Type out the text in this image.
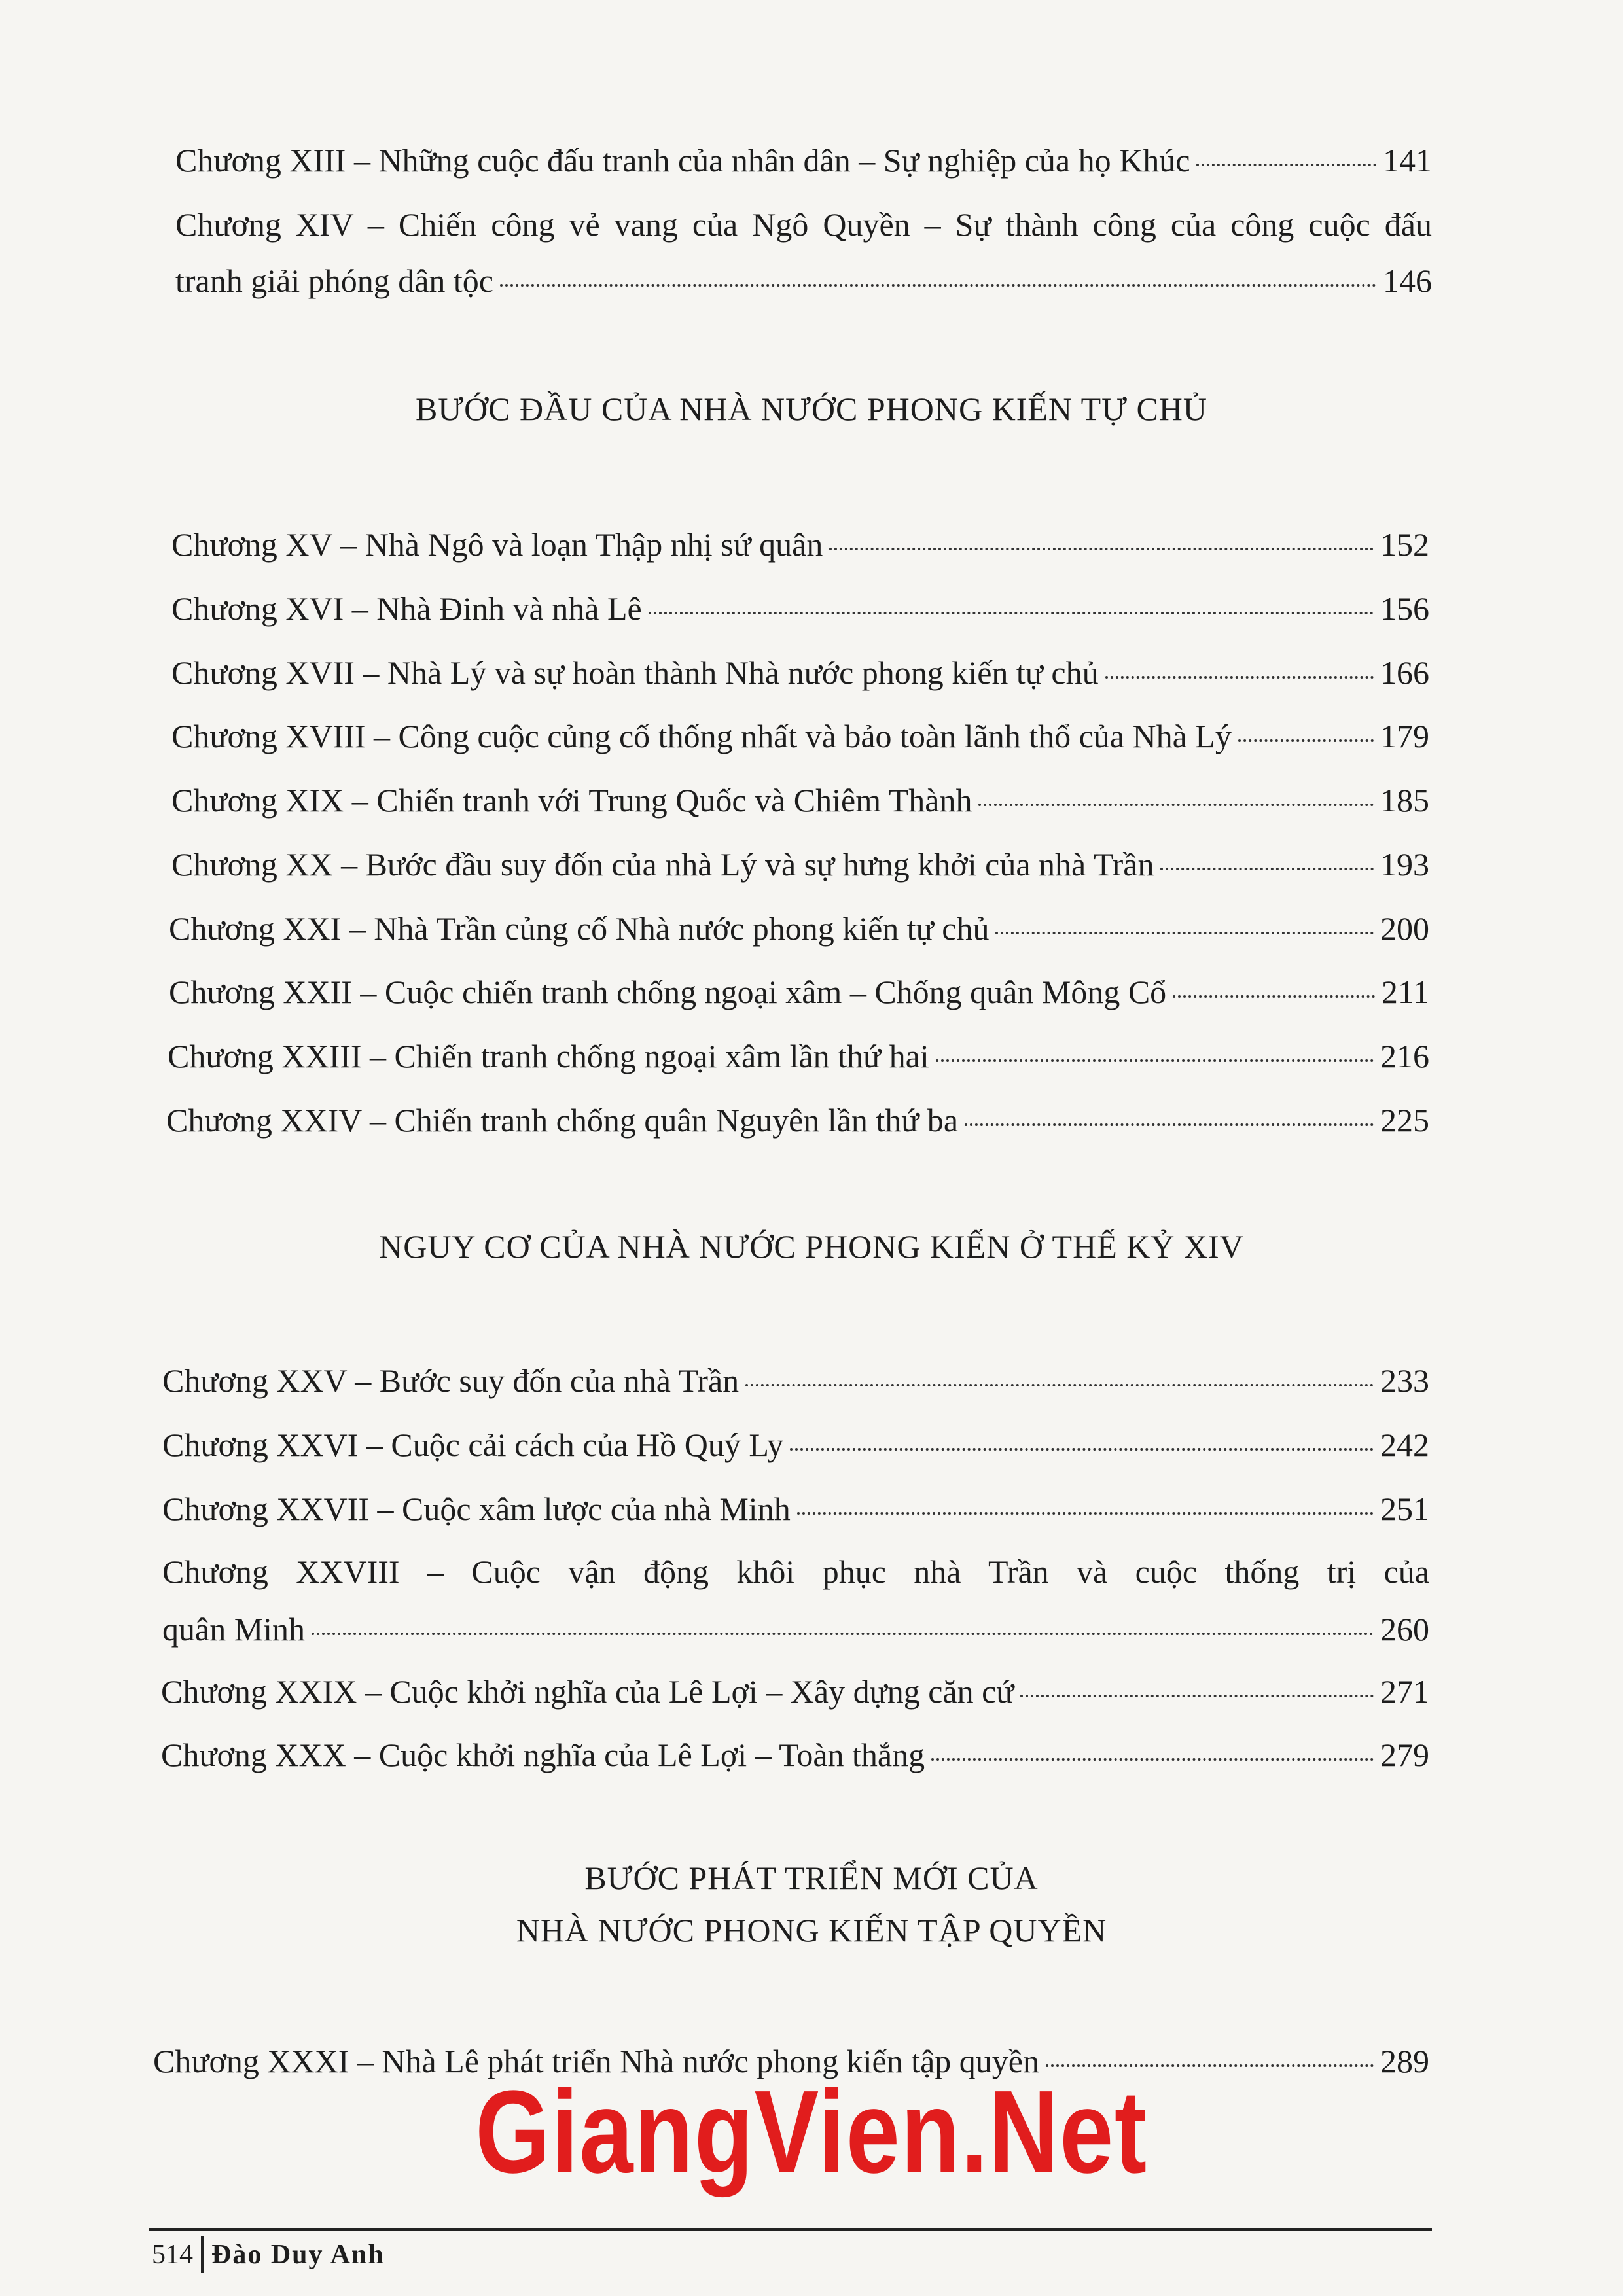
Chương XIII – Những cuộc đấu tranh của nhân dân – Sự nghiệp của họ Khúc	141
Chương XIV – Chiến công vẻ vang của Ngô Quyền – Sự thành công của công cuộc đấu
tranh giải phóng dân tộc	146
BƯỚC ĐẦU CỦA NHÀ NƯỚC PHONG KIẾN TỰ CHỦ
Chương XV – Nhà Ngô và loạn Thập nhị sứ quân	152
Chương XVI – Nhà Đinh và nhà Lê	156
Chương XVII – Nhà Lý và sự hoàn thành Nhà nước phong kiến tự chủ	166
Chương XVIII – Công cuộc củng cố thống nhất và bảo toàn lãnh thổ của Nhà Lý	179
Chương XIX – Chiến tranh với Trung Quốc và Chiêm Thành	185
Chương XX – Bước đầu suy đốn của nhà Lý và sự hưng khởi của nhà Trần	193
Chương XXI – Nhà Trần củng cố Nhà nước phong kiến tự chủ	200
Chương XXII – Cuộc chiến tranh chống ngoại xâm – Chống quân Mông Cổ	211
Chương XXIII – Chiến tranh chống ngoại xâm lần thứ hai	216
Chương XXIV – Chiến tranh chống quân Nguyên lần thứ ba	225
NGUY CƠ CỦA NHÀ NƯỚC PHONG KIẾN Ở THẾ KỶ XIV
Chương XXV – Bước suy đốn của nhà Trần	233
Chương XXVI – Cuộc cải cách của Hồ Quý Ly	242
Chương XXVII – Cuộc xâm lược của nhà Minh	251
Chương XXVIII – Cuộc vận động khôi phục nhà Trần và cuộc thống trị của
quân Minh	260
Chương XXIX – Cuộc khởi nghĩa của Lê Lợi – Xây dựng căn cứ	271
Chương XXX – Cuộc khởi nghĩa của Lê Lợi – Toàn thắng	279
BƯỚC PHÁT TRIỂN MỚI CỦA
NHÀ NƯỚC PHONG KIẾN TẬP QUYỀN
Chương XXXI – Nhà Lê phát triển Nhà nước phong kiến tập quyền	289
GiangVien.Net
514 Đào Duy Anh
